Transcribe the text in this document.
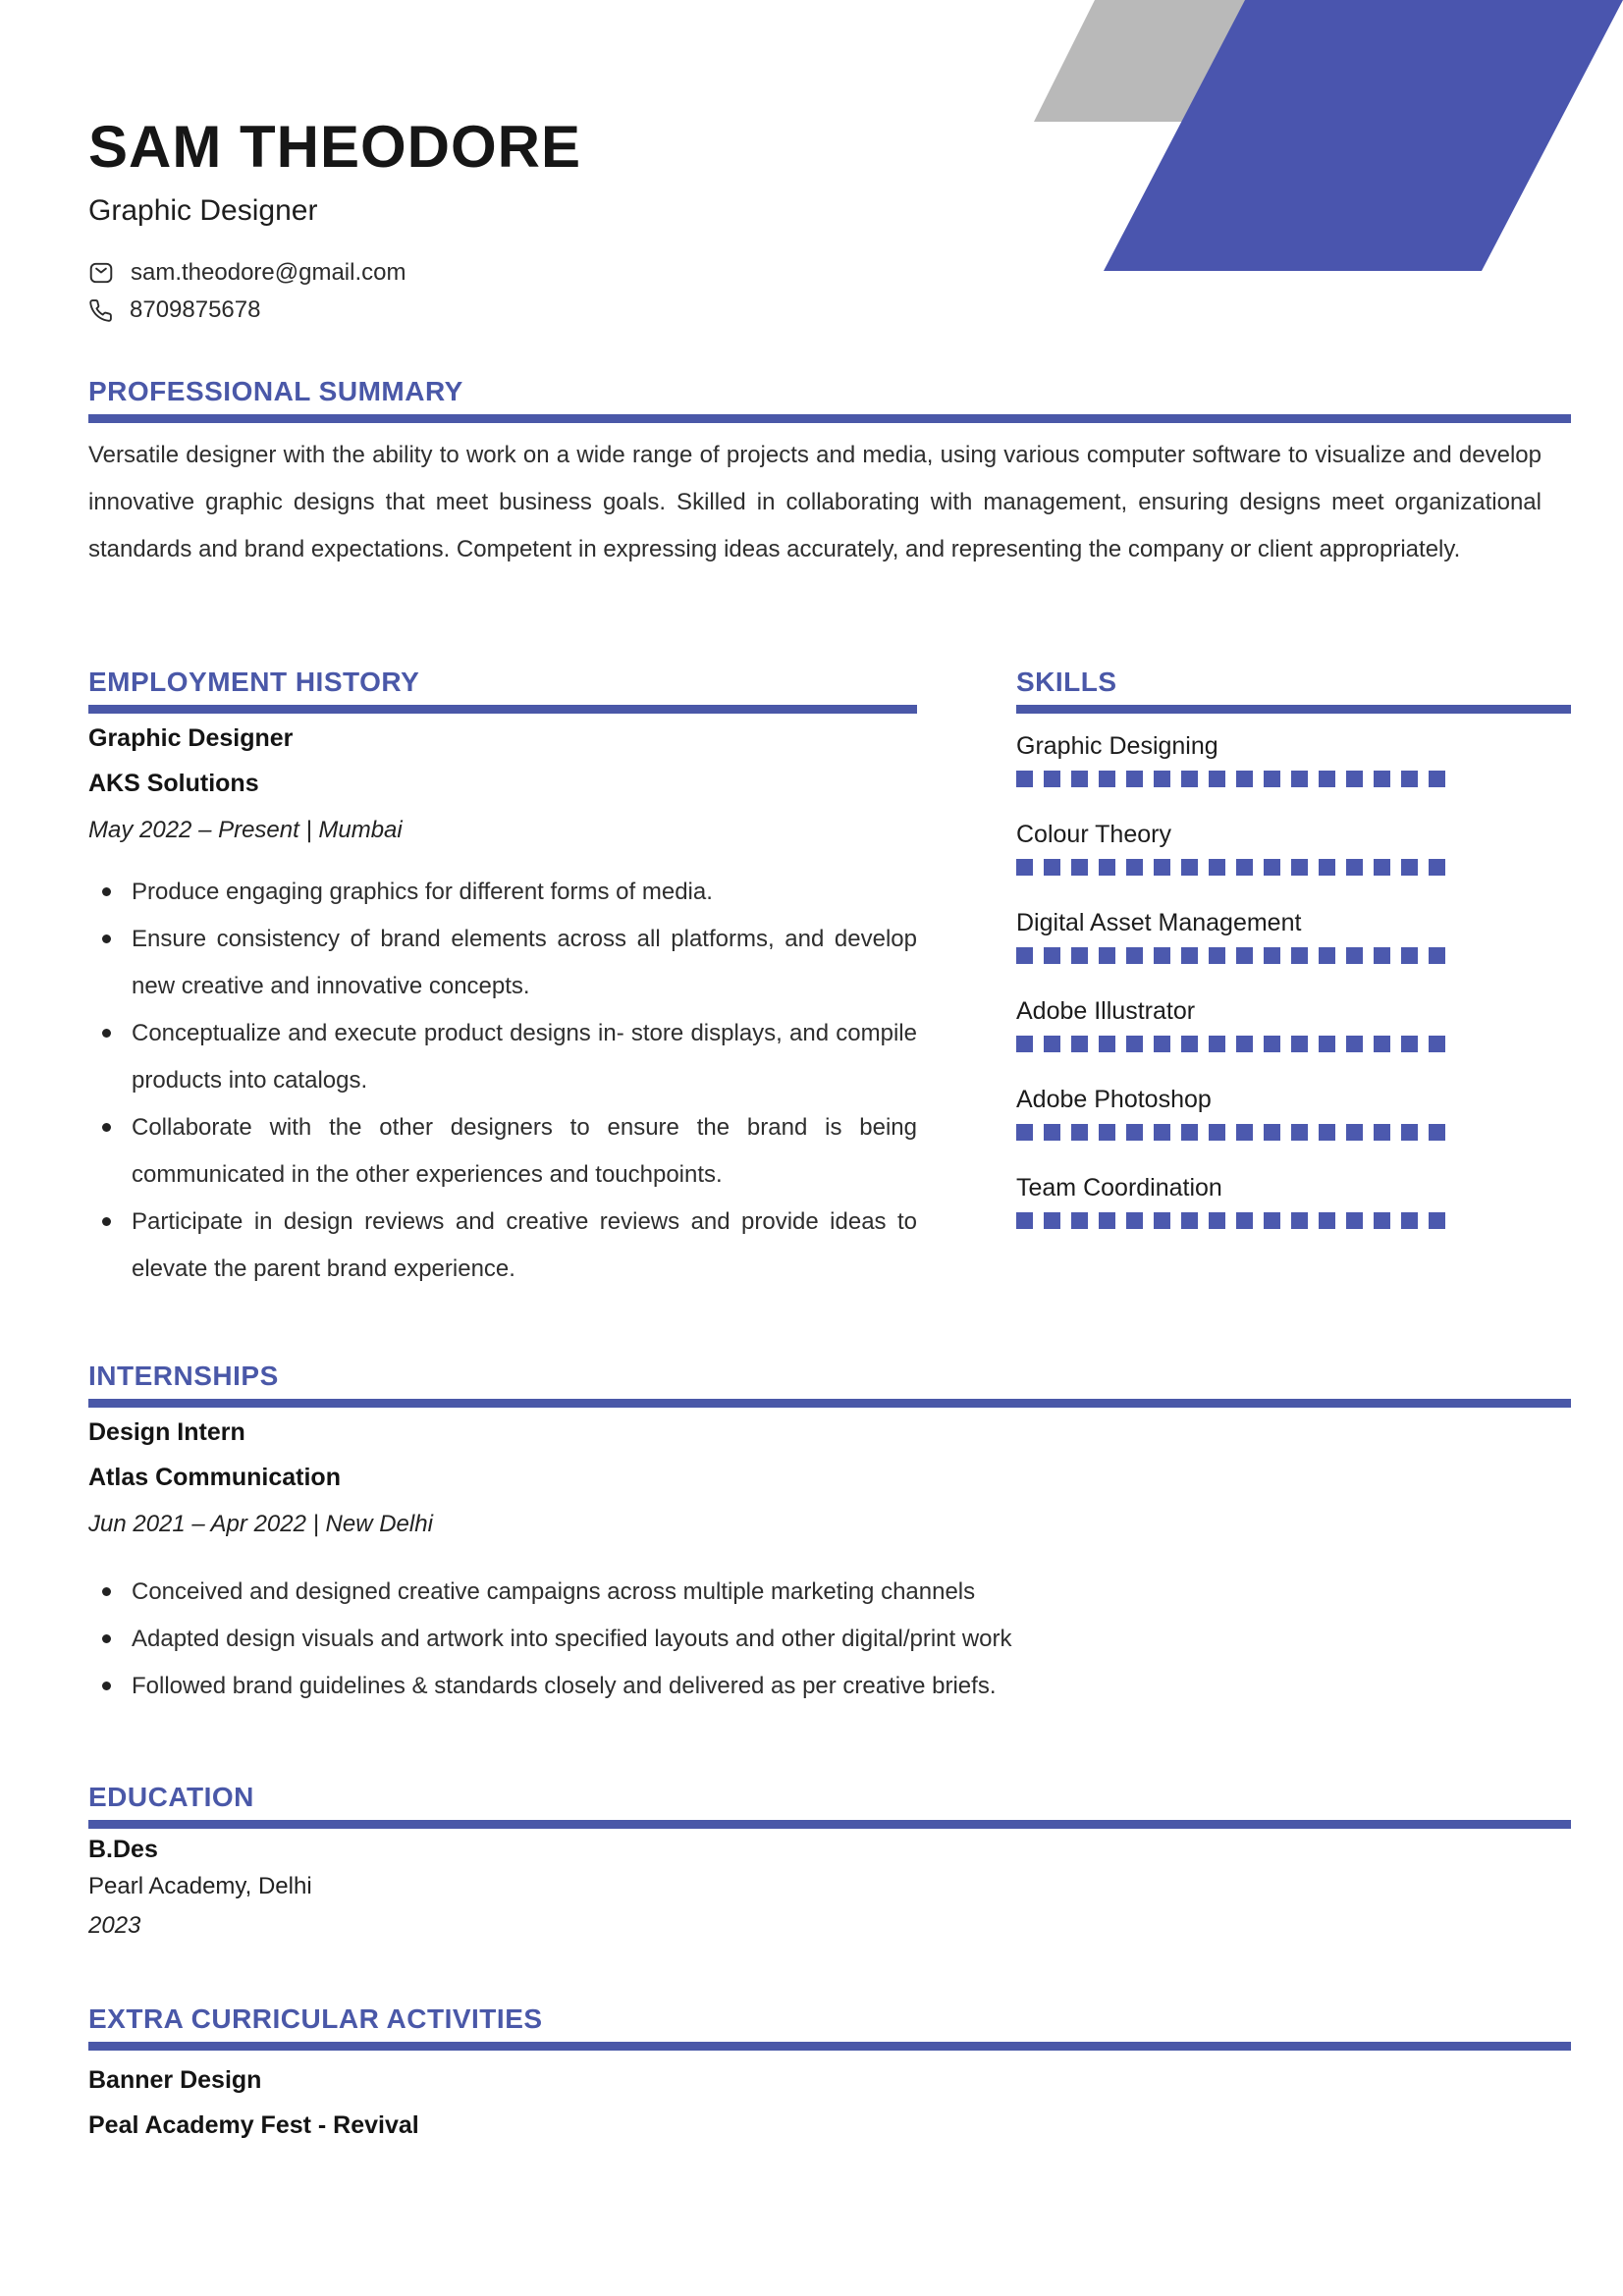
SAM THEODORE
Graphic Designer
sam.theodore@gmail.com
8709875678
PROFESSIONAL SUMMARY

Versatile designer with the ability to work on a wide range of projects and media, using various computer software to visualize and develop innovative graphic designs that meet business goals. Skilled in collaborating with management, ensuring designs meet organizational standards and brand expectations. Competent in expressing ideas accurately, and representing the company or client appropriately.

EMPLOYMENT HISTORY
Graphic Designer
AKS Solutions
May 2022 – Present | Mumbai
Produce engaging graphics for different forms of media.
Ensure consistency of brand elements across all platforms, and develop new creative and innovative concepts.
Conceptualize and execute product designs in- store displays, and compile products into catalogs.
Collaborate with the other designers to ensure the brand is being communicated in the other experiences and touchpoints.
Participate in design reviews and creative reviews and provide ideas to elevate the parent brand experience.
SKILLS
Graphic Designing
Colour Theory
Digital Asset Management
Adobe Illustrator
Adobe Photoshop
Team Coordination
INTERNSHIPS
Design Intern
Atlas Communication
Jun 2021 – Apr 2022 | New Delhi
Conceived and designed creative campaigns across multiple marketing channels
Adapted design visuals and artwork into specified layouts and other digital/print work
Followed brand guidelines & standards closely and delivered as per creative briefs.
EDUCATION
B.Des
Pearl Academy, Delhi
2023
EXTRA CURRICULAR ACTIVITIES
Banner Design
Peal Academy Fest - Revival
